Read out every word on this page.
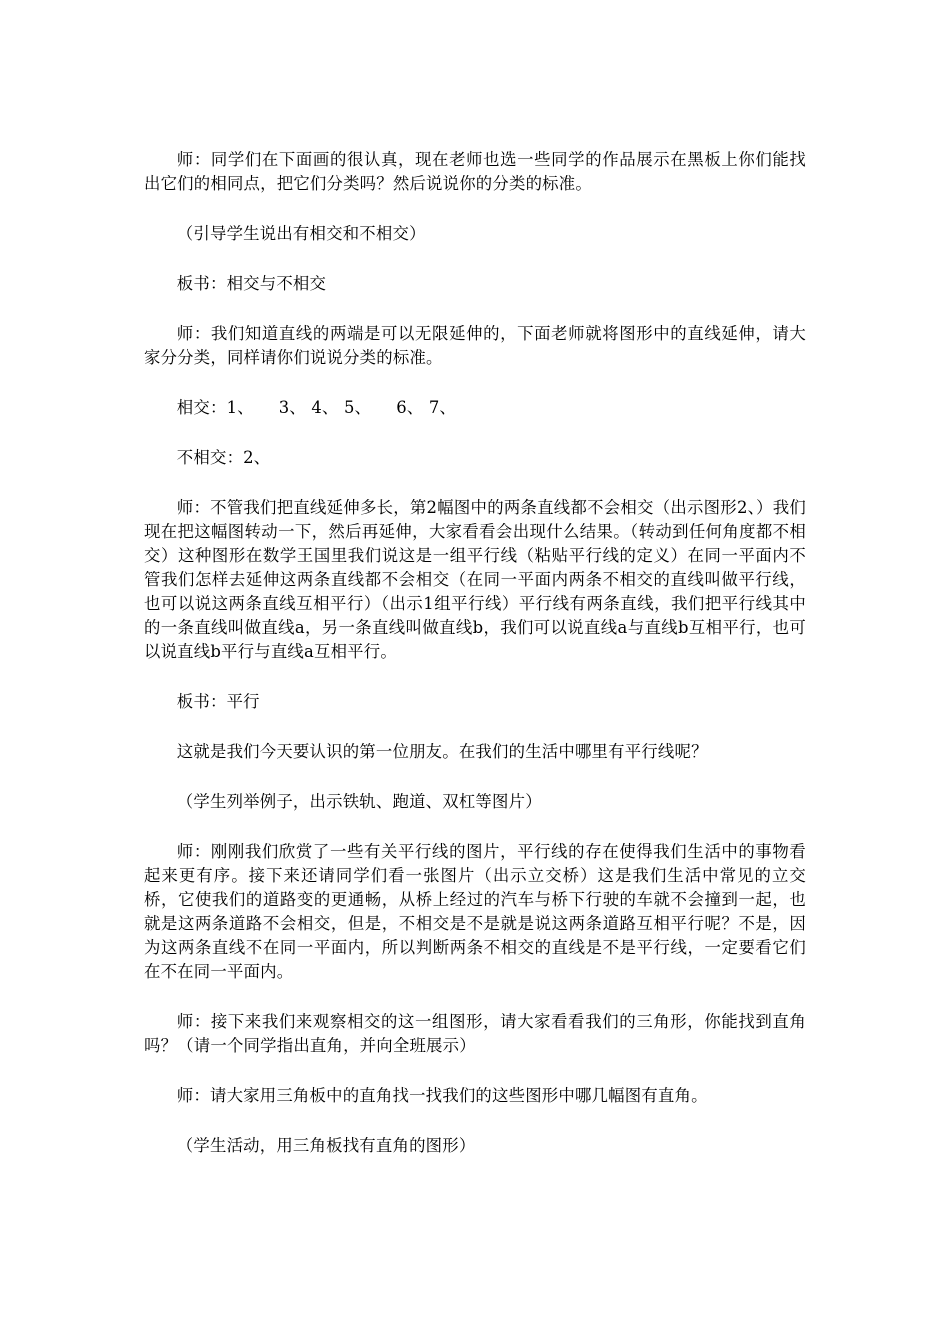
师：同学们在下面画的很认真，现在老师也选一些同学的作品展示在黑板上你们能找出它们的相同点，把它们分类吗？然后说说你的分类的标准。

（引导学生说出有相交和不相交）

板书：相交与不相交

师：我们知道直线的两端是可以无限延伸的，下面老师就将图形中的直线延伸，请大家分分类，同样请你们说说分类的标准。

相交：1、　　3、 4、 5、　　6、 7、

不相交：2、

师：不管我们把直线延伸多长，第2幅图中的两条直线都不会相交（出示图形2、）我们现在把这幅图转动一下，然后再延伸，大家看看会出现什么结果。（转动到任何角度都不相交）这种图形在数学王国里我们说这是一组平行线（粘贴平行线的定义）在同一平面内不管我们怎样去延伸这两条直线都不会相交（在同一平面内两条不相交的直线叫做平行线，也可以说这两条直线互相平行）（出示1组平行线）平行线有两条直线，我们把平行线其中的一条直线叫做直线a，另一条直线叫做直线b，我们可以说直线a与直线b互相平行，也可以说直线b平行与直线a互相平行。

板书：平行

这就是我们今天要认识的第一位朋友。在我们的生活中哪里有平行线呢？

（学生列举例子，出示铁轨、跑道、双杠等图片）

师：刚刚我们欣赏了一些有关平行线的图片，平行线的存在使得我们生活中的事物看起来更有序。接下来还请同学们看一张图片（出示立交桥）这是我们生活中常见的立交桥，它使我们的道路变的更通畅，从桥上经过的汽车与桥下行驶的车就不会撞到一起，也就是这两条道路不会相交，但是，不相交是不是就是说这两条道路互相平行呢？不是，因为这两条直线不在同一平面内，所以判断两条不相交的直线是不是平行线，一定要看它们在不在同一平面内。

师：接下来我们来观察相交的这一组图形，请大家看看我们的三角形，你能找到直角吗？（请一个同学指出直角，并向全班展示）

师：请大家用三角板中的直角找一找我们的这些图形中哪几幅图有直角。

（学生活动，用三角板找有直角的图形）
